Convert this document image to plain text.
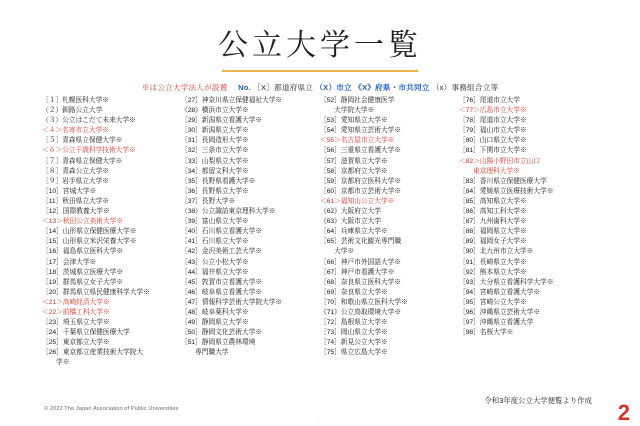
公立大学一覧
※は公立大学法人が設置 No. ［X］都道府県立 （X）市立 《X》府県・市共同立 （x）事務組合立等
［１］札幌医科大学※
（２）釧路公立大学
（３）公立はこだて未来大学※
＜４＞名寄市立大学※
［５］青森県立保健大学※
＜６＞公立千歳科学技術大学※
［７］青森県立保健大学※
［８］青森公立大学※
［９］岩手県立大学※
［10］宮城大学※
［11］秋田県立大学※
［12］国際教養大学※
＜13＞秋田公立美術大学※
［14］山形県立保健医療大学※
［15］山形県立米沢栄養大学※
［16］福島県立医科大学※
［17］会津大学※
［18］茨城県立医療大学※
［19］群馬県立女子大学※
［20］群馬県立県民健康科学大学※
＜21＞高崎経済大学※
＜22＞前橋工科大学※
［23］埼玉県立大学※
［24］千葉県立保健医療大学
［25］東京都立大学※
［26］東京都立産業技術大学院大
学※
［27］神奈川県立保健福祉大学※
《28》横浜市立大学※
［29］新潟県立看護大学※
［30］新潟県立大学※
［31］長岡造形大学※
［32］三条市立大学※
［33］山梨県立大学※
［34］都留文科大学※
［35］長野県看護大学※
［36］長野県立大学※
［37］長野大学※
（38）公立諏訪東京理科大学※
［39］富山県立大学※
［40］石川県立看護大学※
［41］石川県立大学※
［42］金沢美術工芸大学※
［43］公立小松大学※
［44］福井県立大学※
［45］敦賀市立看護大学※
［46］岐阜県立看護大学※
［47］情報科学芸術大学院大学※
［48］岐阜薬科大学※
［49］静岡県立大学※
［50］静岡文化芸術大学※
［51］静岡県立農林環境
専門職大学
［52］静岡社会健康医学
大学院大学※
［53］愛知県立大学※
［54］愛知県立芸術大学※
＜55＞名古屋市立大学※
［56］三重県立看護大学※
［57］滋賀県立大学※
［58］京都府立大学※
［59］京都府立医科大学※
［60］京都市立芸術大学※
＜61＞福知山公立大学※
《62》大阪府立大学
《63》大阪市立大学
［64］兵庫県立大学※
［65］芸術文化観光専門職
大学※
［66］神戸市外国語大学※
［67］神戸市看護大学※
［68］奈良県立医科大学※
［69］奈良県立大学※
［70］和歌山県立医科大学※
《71》公立鳥取環境大学※
［72］島根県立大学※
［73］岡山県立大学※
［74］新見公立大学※
［75］県立広島大学※
［76］尾道市立大学
＜77＞広島市立大学※
［78］尾道市立大学※
［79］福山市立大学※
［80］山口県立大学※
［81］下関市立大学※
＜82＞山陽小野田市立山口
東京理科大学※
［83］香川県立保健医療大学
［84］愛媛県立医療技術大学※
［85］高知県立大学※
［86］高知工科大学※
［87］九州歯科大学※
［88］福岡県立大学※
［89］福岡女子大学※
［90］北九州市立大学※
［91］長崎県立大学※
［92］熊本県立大学※
［93］大分県立看護科学大学※
［94］宮崎県立看護大学※
［95］宮崎公立大学※
［96］沖縄県立芸術大学※
［97］沖縄県立看護大学
［98］名桜大学※
© 2022 The Japan Association of Public Universities
令和3年度公立大学便覧より作成
.	2
